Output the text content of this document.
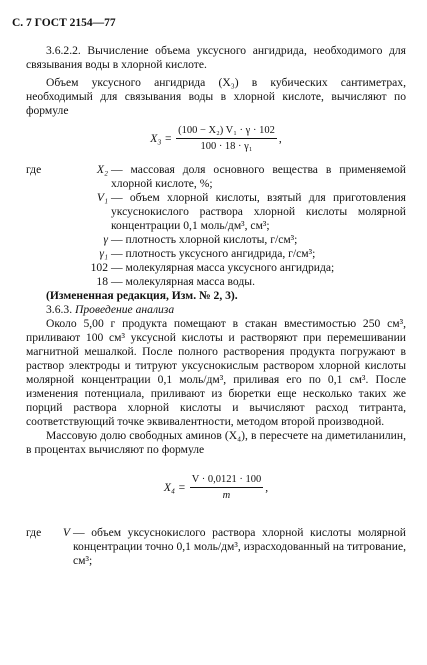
С. 7 ГОСТ 2154—77

3.6.2.2. Вычисление объема уксусного ангидрида, необходимого для связывания воды в хлорной кислоте.

Объем уксусного ангидрида (X₃) в кубических сантиметрах, необходимый для связывания воды в хлорной кислоте, вычисляют по формуле

$X_3 = \frac{\text{(100 − X₂) V₁ · γ · 102}}{\text{100 · 18 · γ₁}}$ ,
где	X₂ — массовая доля основного вещества в применяемой хлорной кислоте, %;
V₁ — объем хлорной кислоты, взятый для приготовления уксуснокислого раствора хлорной кислоты молярной концентрации 0,1 моль/дм³, см³;
γ — плотность хлорной кислоты, г/см³;
γ₁ — плотность уксусного ангидрида, г/см³;
102 — молекулярная масса уксусного ангидрида;
18 — молекулярная масса воды.

(Измененная редакция, Изм. № 2, 3).

3.6.3. Проведение анализа

Около 5,00 г продукта помещают в стакан вместимостью 250 см³, приливают 100 см³ уксусной кислоты и растворяют при перемешивании магнитной мешалкой. После полного растворения продукта погружают в раствор электроды и титруют уксуснокислым раствором хлорной кислоты молярной концентрации 0,1 моль/дм³, приливая его по 0,1 см³. После изменения потенциала, приливают из бюретки еще несколько таких же порций раствора хлорной кислоты и вычисляют расход титранта, соответствующий точке эквивалентности, методом второй производной.

Массовую долю свободных аминов (X₄), в пересчете на диметиланилин, в процентах вычисляют по формуле

$X_4 = \frac{V \cdot 0,0121 \cdot 100}{m}$ ,
где	V — объем уксуснокислого раствора хлорной кислоты молярной концентрации точно 0,1 моль/дм³, израсходованный на титрование, см³;
